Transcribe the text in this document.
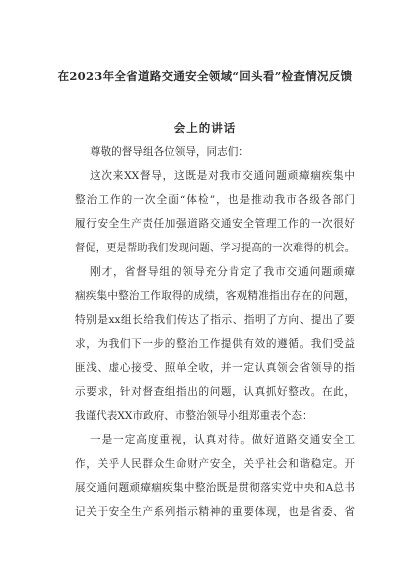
在2023年全省道路交通安全领域“回头看”检查情况反馈
会上的讲话
尊敬的督导组各位领导，同志们：
这次来XX督导，这既是对我市交通问题顽瘴痼疾集中
整治工作的一次全面“体检”，也是推动我市各级各部门
履行安全生产责任加强道路交通安全管理工作的一次很好
督促，更是帮助我们发现问题、学习提高的一次难得的机会。
刚才，省督导组的领导充分肯定了我市交通问题顽瘴
痼疾集中整治工作取得的成绩，客观精准指出存在的问题，
特别是xx组长给我们传达了指示、指明了方向、提出了要
求，为我们下一步的整治工作提供有效的遵循。我们受益
匪浅、虚心接受、照单全收，并一定认真领会省领导的指
示要求，针对督查组指出的问题，认真抓好整改。在此，
我谨代表XX市政府、市整治领导小组郑重表个态：
一是一定高度重视，认真对待。做好道路交通安全工
作，关乎人民群众生命财产安全，关乎社会和谐稳定。开
展交通问题顽瘴痼疾集中整治既是贯彻落实党中央和A总书
记关于安全生产系列指示精神的重要体现，也是省委、省
